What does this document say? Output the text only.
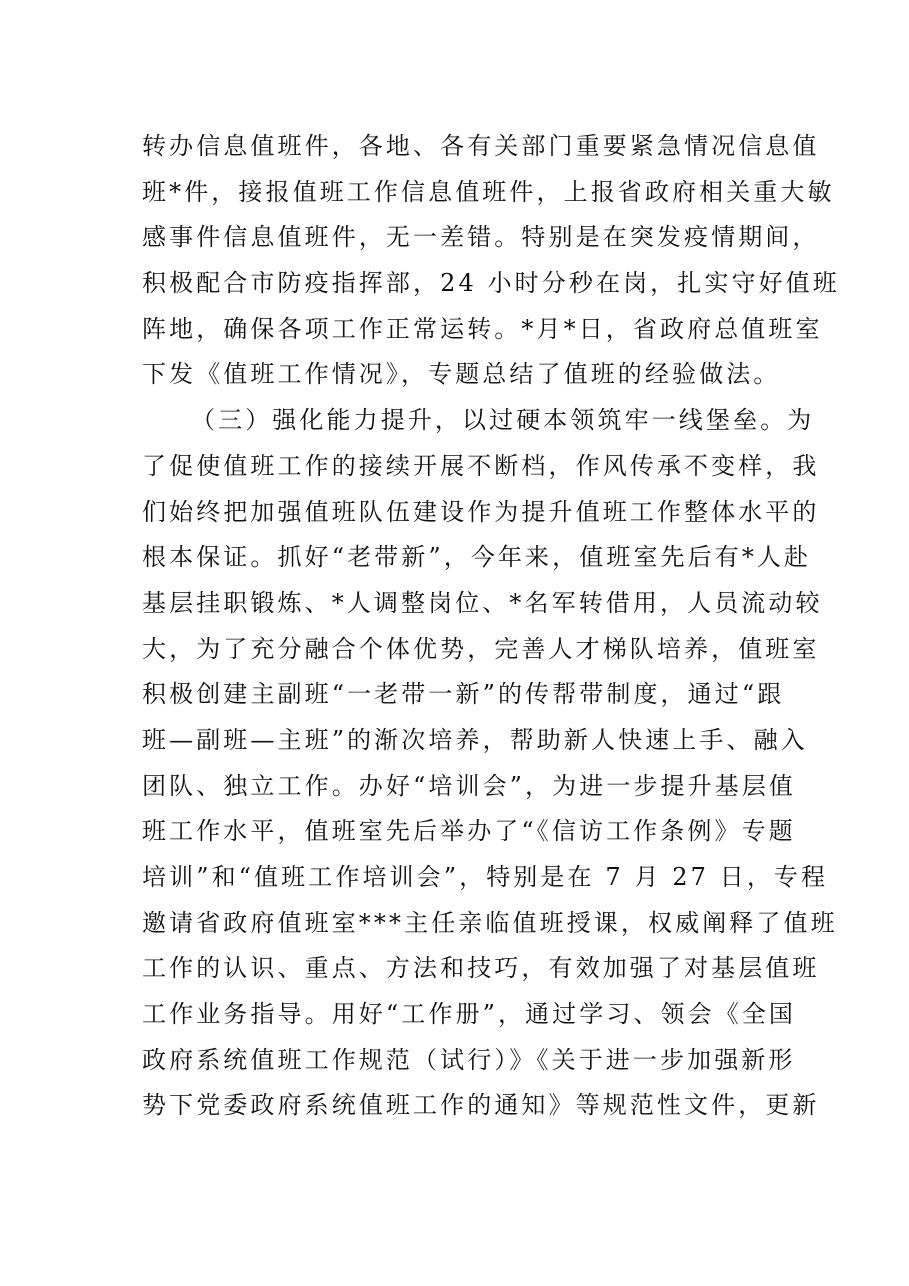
转办信息值班件，各地、各有关部门重要紧急情况信息值
班*件，接报值班工作信息值班件，上报省政府相关重大敏
感事件信息值班件，无一差错。特别是在突发疫情期间，
积极配合市防疫指挥部，24 小时分秒在岗，扎实守好值班
阵地，确保各项工作正常运转。*月*日，省政府总值班室
下发《值班工作情况》，专题总结了值班的经验做法。
（三）强化能力提升，以过硬本领筑牢一线堡垒。为
了促使值班工作的接续开展不断档，作风传承不变样，我
们始终把加强值班队伍建设作为提升值班工作整体水平的
根本保证。抓好“老带新”，今年来，值班室先后有*人赴
基层挂职锻炼、*人调整岗位、*名军转借用，人员流动较
大，为了充分融合个体优势，完善人才梯队培养，值班室
积极创建主副班“一老带一新”的传帮带制度，通过“跟
班—副班—主班”的渐次培养，帮助新人快速上手、融入
团队、独立工作。办好“培训会”，为进一步提升基层值
班工作水平，值班室先后举办了“《信访工作条例》专题
培训”和“值班工作培训会”，特别是在 7 月 27 日，专程
邀请省政府值班室***主任亲临值班授课，权威阐释了值班
工作的认识、重点、方法和技巧，有效加强了对基层值班
工作业务指导。用好“工作册”，通过学习、领会《全国
政府系统值班工作规范（试行）》《关于进一步加强新形
势下党委政府系统值班工作的通知》等规范性文件，更新
